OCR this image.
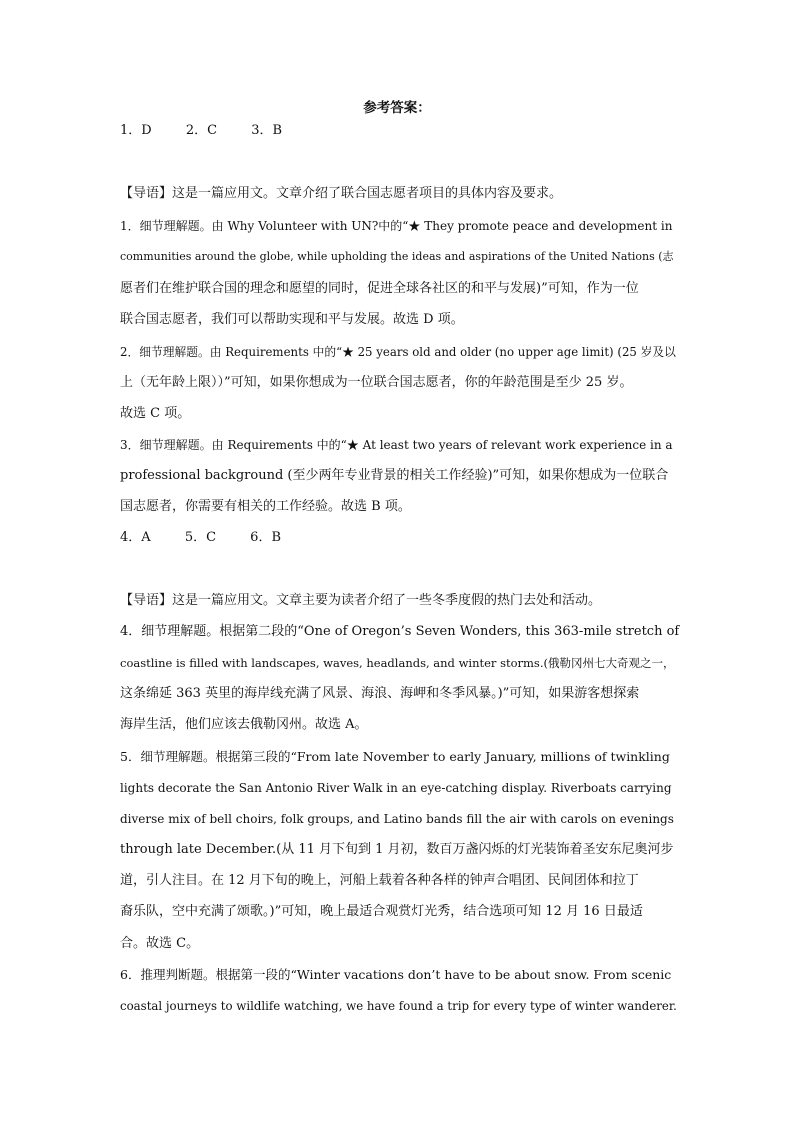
参考答案：
1．D	2．C	3．B
【导语】这是一篇应用文。文章介绍了联合国志愿者项目的具体内容及要求。
1．细节理解题。由 Why Volunteer with UN?中的“★ They promote peace and development in
communities around the globe, while upholding the ideas and aspirations of the United Nations (志
愿者们在维护联合国的理念和愿望的同时，促进全球各社区的和平与发展)”可知，作为一位
联合国志愿者，我们可以帮助实现和平与发展。故选 D 项。
2．细节理解题。由 Requirements 中的“★ 25 years old and older (no upper age limit) (25 岁及以
上（无年龄上限））”可知，如果你想成为一位联合国志愿者，你的年龄范围是至少 25 岁。
故选 C 项。
3．细节理解题。由 Requirements 中的“★ At least two years of relevant work experience in a
professional background (至少两年专业背景的相关工作经验)”可知，如果你想成为一位联合
国志愿者，你需要有相关的工作经验。故选 B 项。
4．A	5．C	6．B
【导语】这是一篇应用文。文章主要为读者介绍了一些冬季度假的热门去处和活动。
4．细节理解题。根据第二段的“One of Oregon’s Seven Wonders, this 363-mile stretch of
coastline is filled with landscapes, waves, headlands, and winter storms.(俄勒冈州七大奇观之一，
这条绵延 363 英里的海岸线充满了风景、海浪、海岬和冬季风暴。)”可知，如果游客想探索
海岸生活，他们应该去俄勒冈州。故选 A。
5．细节理解题。根据第三段的“From late November to early January, millions of twinkling
lights decorate the San Antonio River Walk in an eye-catching display. Riverboats carrying
diverse mix of bell choirs, folk groups, and Latino bands fill the air with carols on evenings
through late December.(从 11 月下旬到 1 月初，数百万盏闪烁的灯光装饰着圣安东尼奥河步
道，引人注目。在 12 月下旬的晚上，河船上载着各种各样的钟声合唱团、民间团体和拉丁
裔乐队，空中充满了颂歌。)”可知，晚上最适合观赏灯光秀，结合选项可知 12 月 16 日最适
合。故选 C。
6．推理判断题。根据第一段的“Winter vacations don’t have to be about snow. From scenic
coastal journeys to wildlife watching, we have found a trip for every type of winter wanderer.
